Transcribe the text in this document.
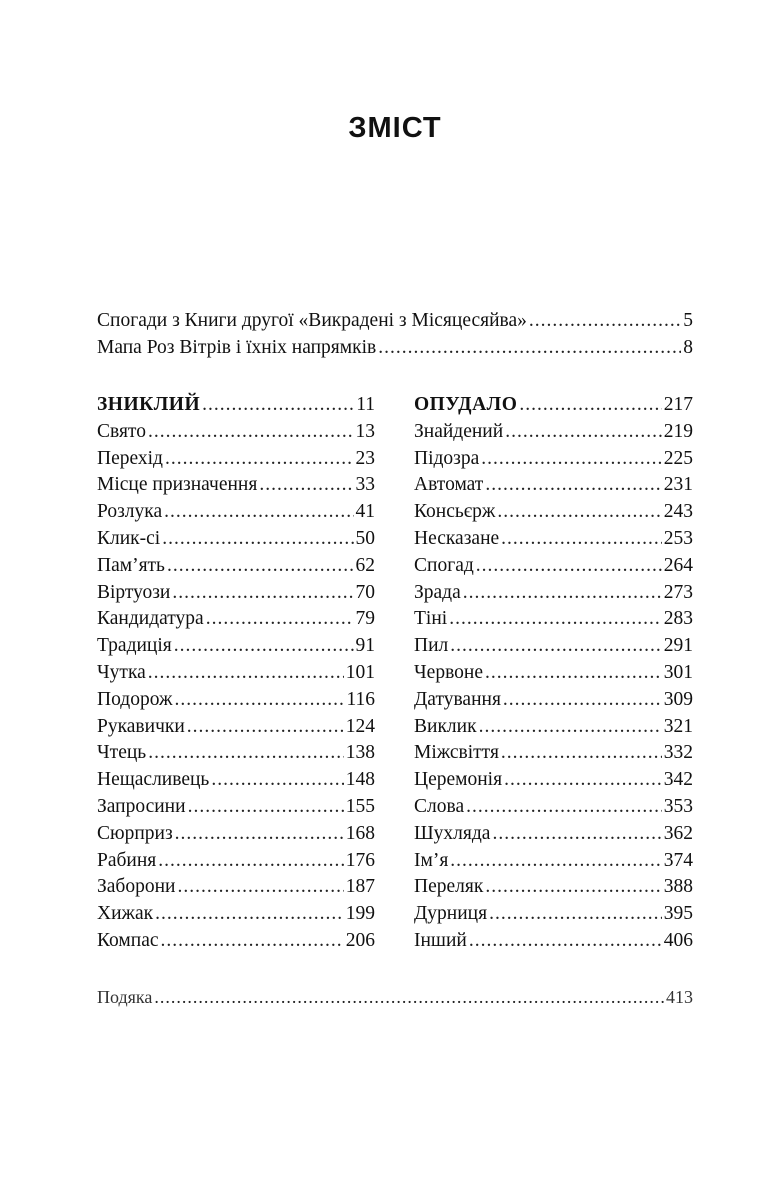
ЗМІСТ
Спогади з Книги другої «Викрадені з Місяцесяйва» .....	5
Мапа Роз Вітрів і їхніх напрямків .....	8
ЗНИКЛИЙ .....	11
Свято .....	13
Перехід .....	23
Місце призначення .....	33
Розлука .....	41
Клик-сі .....	50
Пам’ять .....	62
Віртуози .....	70
Кандидатура .....	79
Традиція .....	91
Чутка .....	101
Подорож .....	116
Рукавички .....	124
Чтець .....	138
Нещасливець .....	148
Запросини .....	155
Сюрприз .....	168
Рабиня .....	176
Заборони .....	187
Хижак .....	199
Компас .....	206
ОПУДАЛО .....	217
Знайдений .....	219
Підозра .....	225
Автомат .....	231
Консьєрж .....	243
Несказане .....	253
Спогад .....	264
Зрада .....	273
Тіні .....	283
Пил .....	291
Червоне .....	301
Датування .....	309
Виклик .....	321
Міжсвіття .....	332
Церемонія .....	342
Слова .....	353
Шухляда .....	362
Ім’я .....	374
Переляк .....	388
Дурниця .....	395
Інший .....	406
Подяка .....	413
